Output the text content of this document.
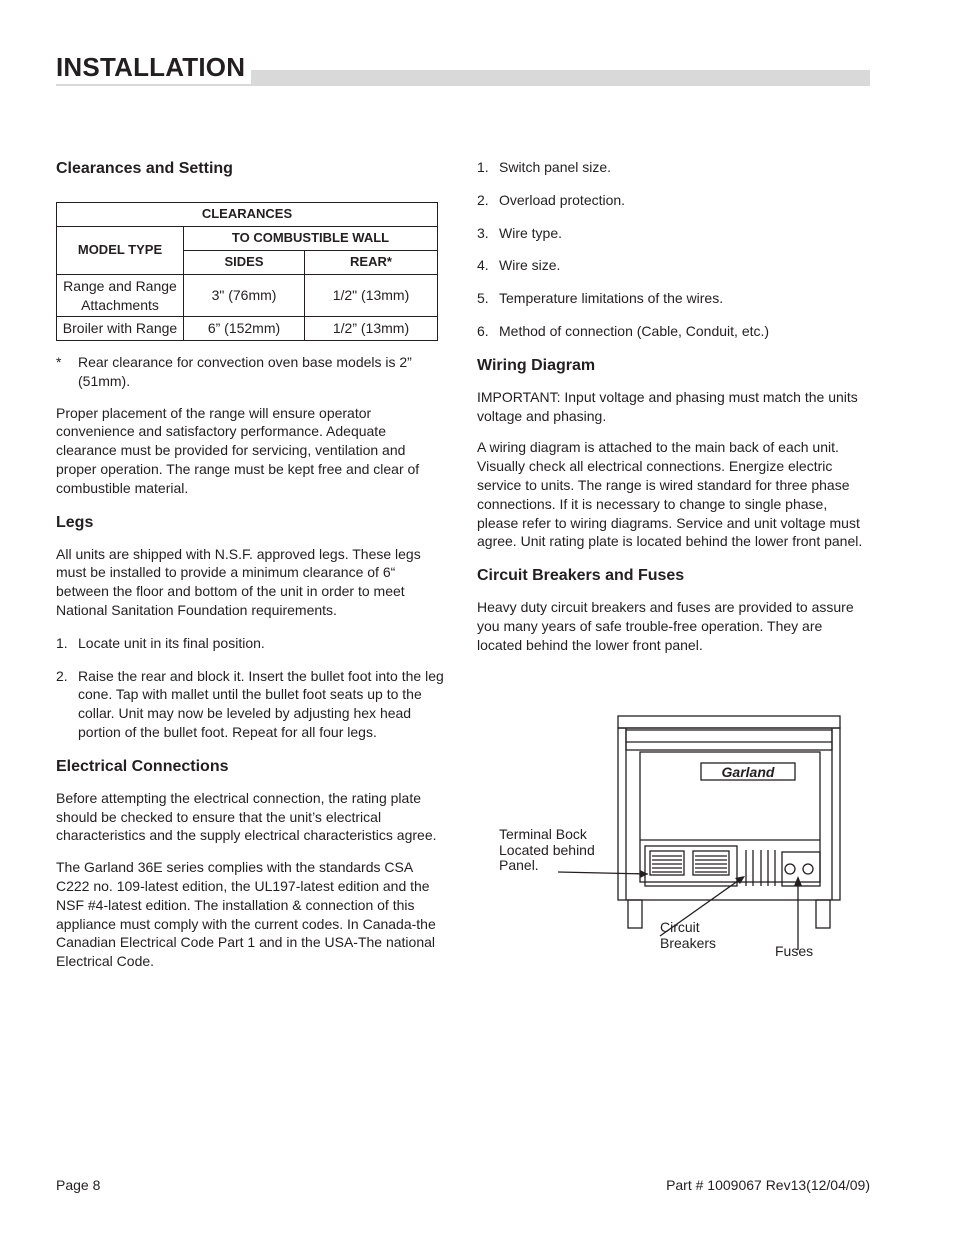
INSTALLATION
Clearances and Setting
CLEARANCES		
MODEL TYPE	TO COMBUSTIBLE WALL	
	SIDES	REAR*
Range and Range Attachments	3" (76mm)	1/2" (13mm)
Broiler with Range	6” (152mm)	1/2” (13mm)
* Rear clearance for convection oven base models is 2” (51mm).

Proper placement of the range will ensure operator convenience and satisfactory performance. Adequate clearance must be provided for servicing, ventilation and proper operation. The range must be kept free and clear of combustible material.

Legs

All units are shipped with N.S.F. approved legs. These legs must be installed to provide a minimum clearance of 6“ between the floor and bottom of the unit in order to meet National Sanitation Foundation requirements.

1. Locate unit in its final position.
2. Raise the rear and block it. Insert the bullet foot into the leg cone. Tap with mallet until the bullet foot seats up to the collar. Unit may now be leveled by adjusting hex head portion of the bullet foot. Repeat for all four legs.
Electrical Connections

Before attempting the electrical connection, the rating plate should be checked to ensure that the unit’s electrical characteristics and the supply electrical characteristics agree.

The Garland 36E series complies with the standards CSA C222 no. 109-latest edition, the UL197-latest edition and the NSF #4-latest edition. The installation & connection of this appliance must comply with the current codes. In Canada-the Canadian Electrical Code Part 1 and in the USA-The national Electrical Code.

1. Switch panel size.
2. Overload protection.
3. Wire type.
4. Wire size.
5. Temperature limitations of the wires.
6. Method of connection (Cable, Conduit, etc.)
Wiring Diagram

IMPORTANT: Input voltage and phasing must match the units voltage and phasing.

A wiring diagram is attached to the main back of each unit. Visually check all electrical connections. Energize electric service to units. The range is wired standard for three phase connections. If it is necessary to change to single phase, please refer to wiring diagrams. Service and unit voltage must agree. Unit rating plate is located behind the lower front panel.

Circuit Breakers and Fuses

Heavy duty circuit breakers and fuses are provided to assure you many years of safe trouble-free operation. They are located behind the lower front panel.

Garland
Terminal Bock
Located behind
Panel.
Circuit
Breakers
Fuses
Page 8	Part # 1009067 Rev13(12/04/09)
